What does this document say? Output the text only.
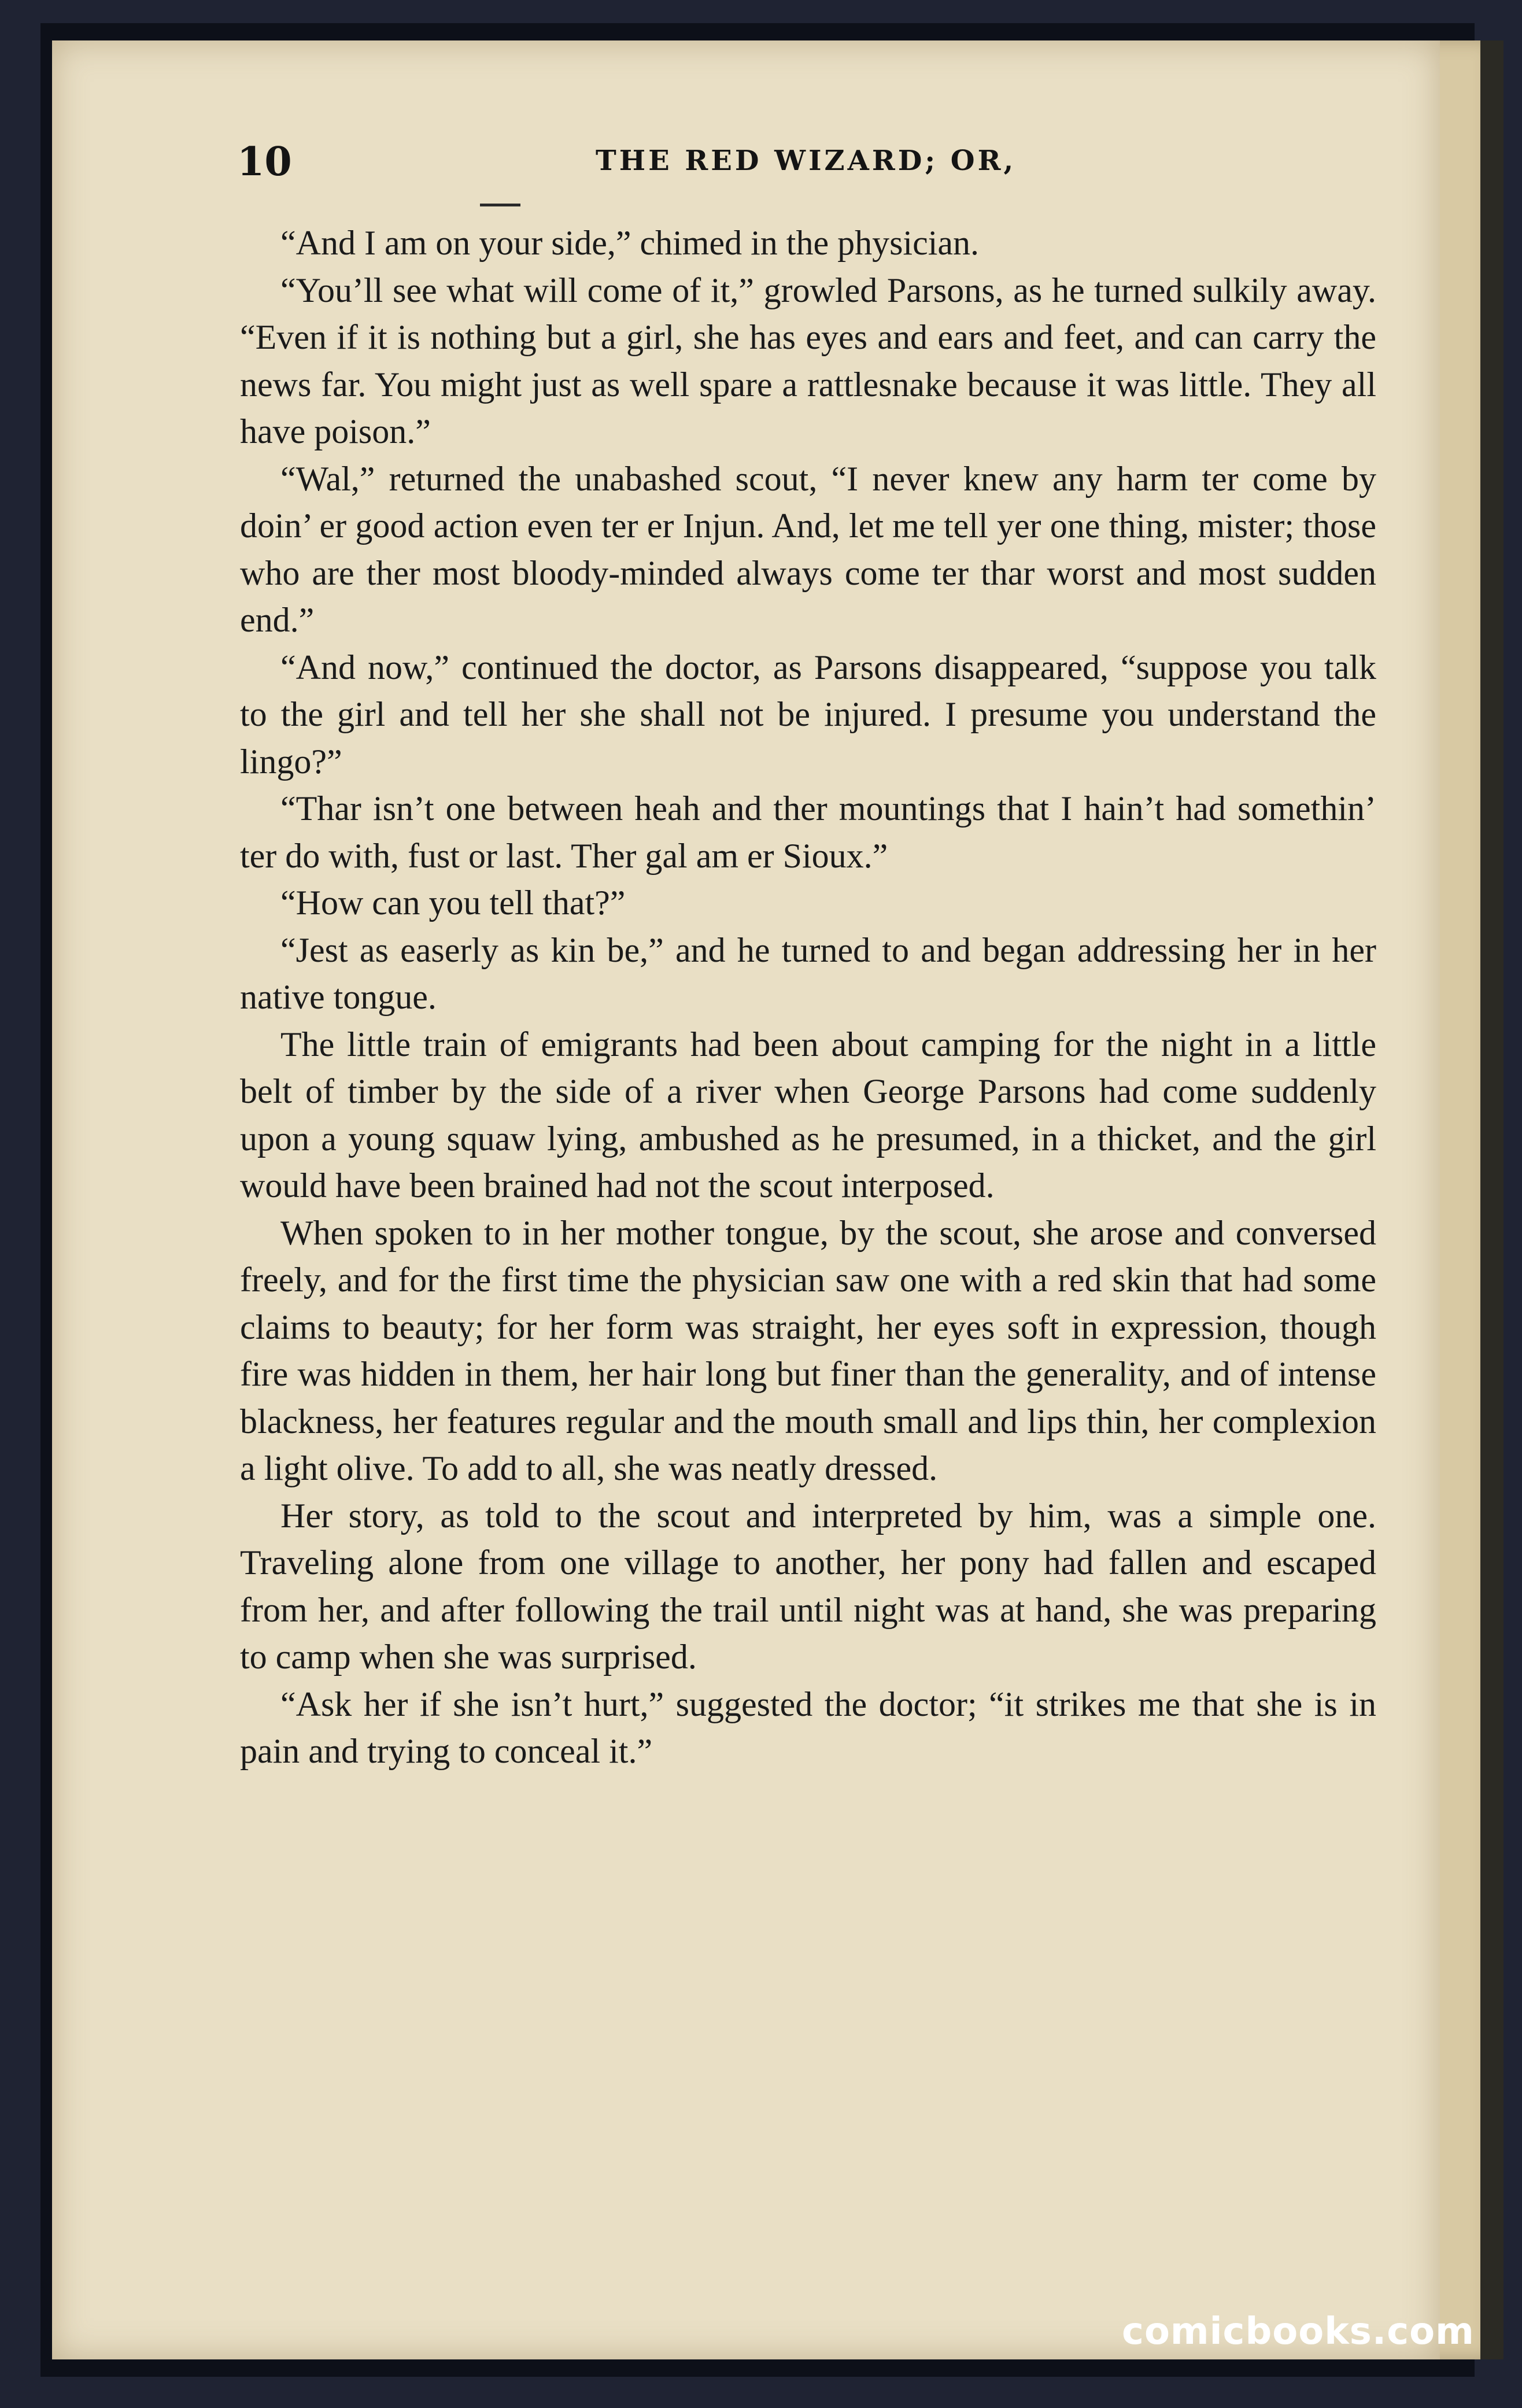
10	THE RED WIZARD; OR,

“And I am on your side,” chimed in the physician.

“You’ll see what will come of it,” growled Parsons, as he turned sulkily away. “Even if it is nothing but a girl, she has eyes and ears and feet, and can carry the news far. You might just as well spare a rattlesnake because it was little. They all have poison.”

“Wal,” returned the unabashed scout, “I never knew any harm ter come by doin’ er good action even ter er Injun. And, let me tell yer one thing, mister; those who are ther most bloody-minded always come ter thar worst and most sudden end.”

“And now,” continued the doctor, as Parsons disappeared, “suppose you talk to the girl and tell her she shall not be injured. I presume you understand the lingo?”

“Thar isn’t one between heah and ther mountings that I hain’t had somethin’ ter do with, fust or last. Ther gal am er Sioux.”

“How can you tell that?”

“Jest as easerly as kin be,” and he turned to and began addressing her in her native tongue.

The little train of emigrants had been about camping for the night in a little belt of timber by the side of a river when George Parsons had come suddenly upon a young squaw lying, ambushed as he presumed, in a thicket, and the girl would have been brained had not the scout interposed.

When spoken to in her mother tongue, by the scout, she arose and conversed freely, and for the first time the physician saw one with a red skin that had some claims to beauty; for her form was straight, her eyes soft in expression, though fire was hidden in them, her hair long but finer than the generality, and of intense blackness, her features regular and the mouth small and lips thin, her complexion a light olive. To add to all, she was neatly dressed.

Her story, as told to the scout and interpreted by him, was a simple one. Traveling alone from one village to another, her pony had fallen and escaped from her, and after following the trail until night was at hand, she was preparing to camp when she was surprised.

“Ask her if she isn’t hurt,” suggested the doctor; “it strikes me that she is in pain and trying to conceal it.”

comicbooks.com
